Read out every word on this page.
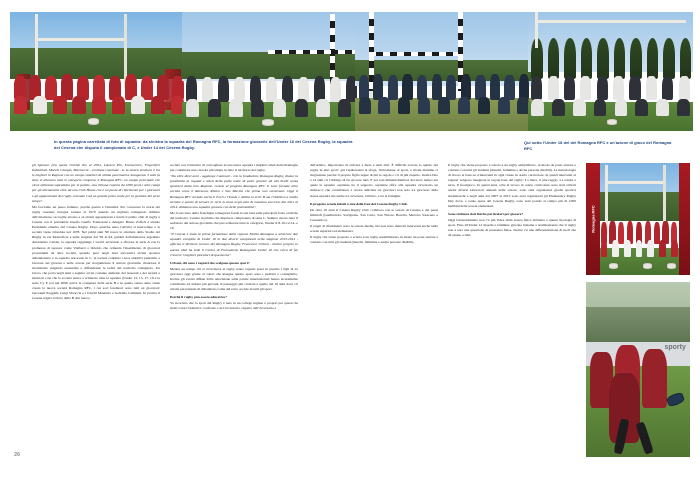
In questa pagina carrellata di foto di squadra: da sinistra la squadra del Romagna RFC, la formazione giovanile dell'Under 16 del Cesena Rugby, la squadra del Cesena che disputa il campionato di C, e Under 14 del Cesena Rugby.
Qui sotto l'Under 18 del del Romagna RFC e un'azione di gioco del Romagna RFC

gli Sponsor (tra questi Orieldi Jbo al 2004, Lamera Più, Euroservice, Frigoriferi Industriali, Marchi Giorgio, Marzocchi - continua Caminati - se la nostra struttura è tra le migliori in Regione con un campo sintetico di ultima generazione inaugurato 3 anni fa dove si allenano tutte le categorie compreso il Romagna RFC, un campo principale che viene utilizzato soprattutto per le partite, una tribuna coperta da 1000 posti e altri campi per gli allenamenti oltre ad una Club House che è un punto di riferimento per i giocatori e gli appassionati del rugby cesenate e ad un grande prato verde per la gestione del terzo tempo".

Ma facciamo un passo indietro, perché questa è l'attualità. Per conoscere la storia del rugby cesenate bisogna tornare al 1970 quando un rugbista romagnolo militare dell'aviazione, raccoglie attorno a sé alcuni appassionati e fonda il primo club di rugby a Cesena con il presidente Guelfo Guelfo Tremosani e delegato Bruno Zoffoli è attuale Presidente emerito del Cesena Rugby. Dopo qualche anno l'attività si interrompe e la società viene rifondata nel 1978. Nel primi anni '90 nasce la struttura dello Stadio del Rugby in via Montefiore e nelle stagioni dal '92 al 94, guidati dall'allenatore argentino Alessandro Canale, la squadra raggiunge i vertici arrivando a sfiorare la serie A con la promessa di sponsor come Vialberti o Orieldo che cementa l'inserimento di giocatori provenienti da altre società, quando però negli anni successivi alcuni sponsor abbandonano e la squadra retrocede in C, la società continua i suoi obiettivi puntando a lavorare sul giovani e nelle scuole per riorganizzare il settore giovanile, rilanciare il movimento esigendo essenziale e diffondendo le radici del territorio romagnolo. Un lavoro che porta negli anni a seguire ad un costante aumento dei tesserati e dei tecnici e istruttori così che la società riesce a schierare tutte le squadre (Under 13, 15, 17, 19 e la serie C). E poi nel 2006 arriva la conquista della serie B e in quello stesso anno viene creata la nuova società Romagna RFC, i cui soci fondatori sono tutti ex giocatori: Giovanni Poggiali, Luigi Sbraccia e i fratelli Maurizio e Gabriele Caminati. In pratica il Cesena regala il titolo della B alla nuova

società con l'obiettivo di convogliare in una unica squadra i migliori atleti della Romagna per continuare una crescita più ampia in tutto il territorio del rugby.

"Da oltre dieci anni - aggiunge Caminati - con la fondazione Romagna Rugby, diamo la possibilità ai ragazzi e atleti della palla ovale di poter giocare ad alti livelli senza spostarsi dalla loro Regione. Grazie al progetto Romagna RFC si sono formate altre società come il Ravenna, Rimini e San Marino che prima non esistevano. Oggi il Romagna RFC include anche il Forlì e l'Imola e militta in serie B ma l'obiettivo a medio termine è quello di tornare in serie A come negli anni di massimo successo dal 2011 al 2014. Abbiamo una squadra giovane con delle potenzialità".

Ma il successo della franchigia romagnola fonda le sue basi sulle principali forze ovaliche del territorio. Cesena in primis che disputa il campionato di serie C. Sempre curare tutto il serbatoio del settore giovanile che può schierare tutte le categorie, l'under 6-8-10-12-14- e 16.

"Il Cesena è stata la prima formazione della regione Emilia Romagna a schierare due squadre complete di Under 16 in due diversi campionati nella stagione 2013-2014 - afferma il direttore tecnico del Romagna Rugby, Francesco Urbani - Inoltre proprio in questa città ha sede il Centro di Formazione Romagnolo Under 16 che cerca di far crescere i migliori giocatori di questa età".

Urbani, chi sono i ragazzi che scelgono questo sport?

Mentre un tempo chi si avvicinava al rugby erano ragazzi presi in prestito i figli di ex giocatori oggi grazie al valori che insegna questo sport sono i pediatri a consigliarlo. Inoltre gli eventi diffusi dalla televisione sulle partite internazionali hanno sicuramente contribuito ad attirare più giovani. Il passaggio più cruciale è quello dei 16 anni dove c'è un'alta percentuale di abbandono come del resto accade in tutti gli sport.

Perché il rugby può essere educativo?

Va ricordato che lo sport del Rugby è nato in un college inglese e proprio per questo ha molti valori formativi: confronto con l'avversario, rispetto dell'avversario e

dell'arbitro, importanza di arrivare a meta e tanti altri. È difficile trovare lo spirito del rugby in altri sport: qui l'esuberanza si sfoga, l'intromesse al sport, e molte mamme ci ringraziano perché il proprio figlio segue di più le regole o c'è di più rispetto. Inoltre fino a 14 anni c'è l'obbligo di far giocare tutti. E poi non dimentichiamoci del terzo tempo nel quale la squadra ospitante ha il supporto ospitante offre alla squadra avversaria un rinfresco; che contribuisce a creare amicizia tra giocatori non solo tra giocatori della stessa squadra ma anche tra avversari, l'arbitro, e tra le famiglie.

Il progetto scuole infatti è una delle basi del Cesena Rugby Club.

Da oltre 10 anni il Cesena Rugby Club collabora con le scuole di Cesena e dei paesi limitrofi (Gambettola, Savignano, San Carlo, San Vittore, Borello, Mercato Saraceno e Cesenatico).

Il target di riferimento sono le scuole medie, ma non sono mancati interventi anche nelle scuole superiori ed elementari.

Il rugby che viene proposto a scuola è un rugby sensibilizzato, in modo da poter entrare a contatto con tutti gli studenti (maschi, femmine e anche persone disabili).

Il rugby che viene proposto a scuola è un rugby semplificato, in modo da poter entrare a contatto con tutti gli studenti (maschi, femmine e anche persone disabili). La metodologia di lavoro si basa su 4 interventi in ogni classe in orario curricolare, in questi interventi ai ragazzi vengono insegnate le regole base del rugby: La meta, il placcaggio, La tenuta a terra, Il fuorigioco. In questi anni, oltre al lavoro in orario curricolare sono stati attivati anche diversi laboratori annuali nelle scuole, sono stati organizzati giochi sportivi studenteschi e negli anni dal 2007 al 2013 sono stati organizzati gli Elementary Rugby Day dove, a totale spesa del Cesena Rugby, sono stati portati al campo più di 1000 bambini delle scuole elementari.

Sono richieste doti fisiche particolari per giocare?

Oggi fortunatamente non c'è più l'idea della stazza fisica abbinata a questa tipologia di sport. Fino all'Under 12 maschi e femmine giocano insieme a testimonianza che il rugby non è solo una questione di prestanza fisica. Inoltre c'è una differenziazione di ruoli che dà spazio a tutti.

Romagna RFC
sporty
26
